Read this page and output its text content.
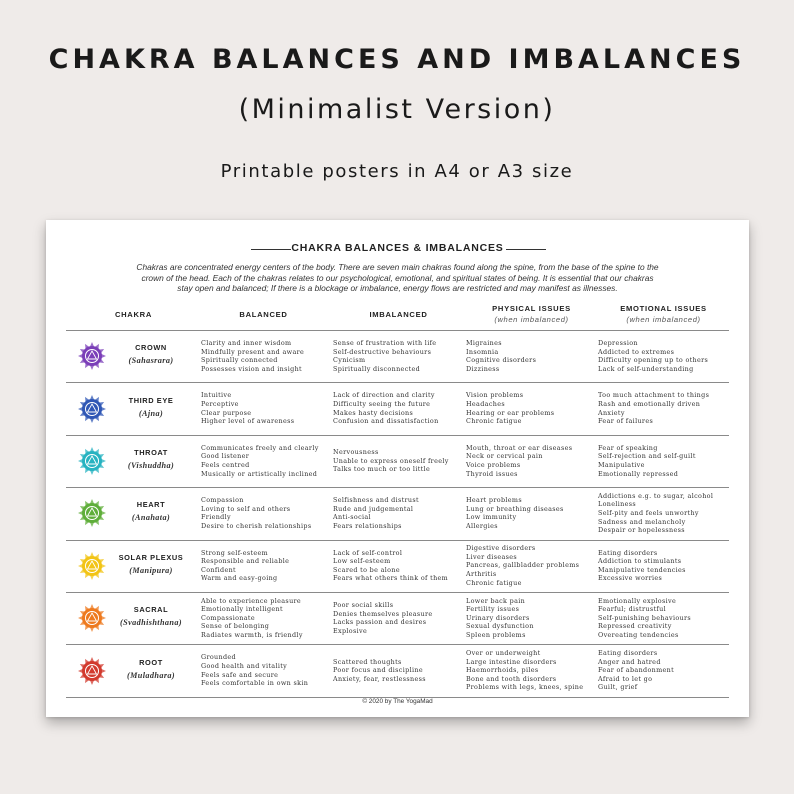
CHAKRA BALANCES AND IMBALANCES
(Minimalist Version)
Printable posters in A4 or A3 size
CHAKRA BALANCES & IMBALANCES
Chakras are concentrated energy centers of the body. There are seven main chakras found along the spine, from the base of the spine to the
crown of the head. Each of the chakras relates to our psychological, emotional, and spiritual states of being. It is essential that our chakras
stay open and balanced; If there is a blockage or imbalance, energy flows are restricted and may manifest as illnesses.
CHAKRA	BALANCED	IMBALANCED
PHYSICAL ISSUES
(when imbalanced)
EMOTIONAL ISSUES
(when imbalanced)
CROWN
(Sahasrara)
Clarity and inner wisdom
Mindfully present and aware
Spiritually connected
Possesses vision and insight
Sense of frustration with life
Self-destructive behaviours
Cynicism
Spiritually disconnected
Migraines
Insomnia
Cognitive disorders
Dizziness
Depression
Addicted to extremes
Difficulty opening up to others
Lack of self-understanding
THIRD EYE
(Ajna)
Intuitive
Perceptive
Clear purpose
Higher level of awareness
Lack of direction and clarity
Difficulty seeing the future
Makes hasty decisions
Confusion and dissatisfaction
Vision problems
Headaches
Hearing or ear problems
Chronic fatigue
Too much attachment to things
Rash and emotionally driven
Anxiety
Fear of failures
THROAT
(Vishuddha)
Communicates freely and clearly
Good listener
Feels centred
Musically or artistically inclined
Nervousness
Unable to express oneself freely
Talks too much or too little
Mouth, throat or ear diseases
Neck or cervical pain
Voice problems
Thyroid issues
Fear of speaking
Self-rejection and self-guilt
Manipulative
Emotionally repressed
HEART
(Anahata)
Compassion
Loving to self and others
Friendly
Desire to cherish relationships
Selfishness and distrust
Rude and judgemental
Anti-social
Fears relationships
Heart problems
Lung or breathing diseases
Low immunity
Allergies
Addictions e.g. to sugar, alcohol
Loneliness
Self-pity and feels unworthy
Sadness and melancholy
Despair or hopelessness
SOLAR PLEXUS
(Manipura)
Strong self-esteem
Responsible and reliable
Confident
Warm and easy-going
Lack of self-control
Low self-esteem
Scared to be alone
Fears what others think of them
Digestive disorders
Liver diseases
Pancreas, gallbladder problems
Arthritis
Chronic fatigue
Eating disorders
Addiction to stimulants
Manipulative tendencies
Excessive worries
SACRAL
(Svadhishthana)
Able to experience pleasure
Emotionally intelligent
Compassionate
Sense of belonging
Radiates warmth, is friendly
Poor social skills
Denies themselves pleasure
Lacks passion and desires
Explosive
Lower back pain
Fertility issues
Urinary disorders
Sexual dysfunction
Spleen problems
Emotionally explosive
Fearful; distrustful
Self-punishing behaviours
Repressed creativity
Overeating tendencies
ROOT
(Muladhara)
Grounded
Good health and vitality
Feels safe and secure
Feels comfortable in own skin
Scattered thoughts
Poor focus and discipline
Anxiety, fear, restlessness
Over or underweight
Large intestine disorders
Haemorrhoids, piles
Bone and tooth disorders
Problems with legs, knees, spine
Eating disorders
Anger and hatred
Fear of abandonment
Afraid to let go
Guilt, grief
© 2020 by The YogaMad
